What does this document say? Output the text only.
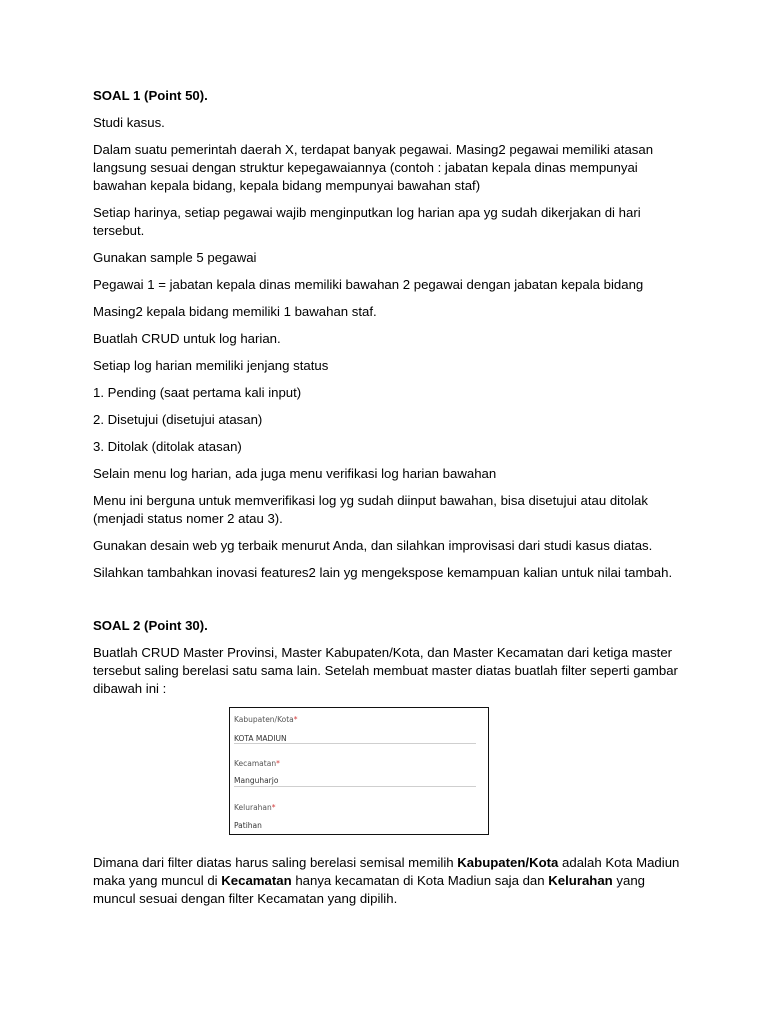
SOAL 1 (Point 50).

Studi kasus.

Dalam suatu pemerintah daerah X, terdapat banyak pegawai. Masing2 pegawai memiliki atasan langsung sesuai dengan struktur kepegawaiannya (contoh : jabatan kepala dinas mempunyai bawahan kepala bidang, kepala bidang mempunyai bawahan staf)

Setiap harinya, setiap pegawai wajib menginputkan log harian apa yg sudah dikerjakan di hari tersebut.

Gunakan sample 5 pegawai

Pegawai 1 = jabatan kepala dinas memiliki bawahan 2 pegawai dengan jabatan kepala bidang

Masing2 kepala bidang memiliki 1 bawahan staf.

Buatlah CRUD untuk log harian.

Setiap log harian memiliki jenjang status

1. Pending (saat pertama kali input)

2. Disetujui (disetujui atasan)

3. Ditolak (ditolak atasan)

Selain menu log harian, ada juga menu verifikasi log harian bawahan

Menu ini berguna untuk memverifikasi log yg sudah diinput bawahan, bisa disetujui atau ditolak (menjadi status nomer 2 atau 3).

Gunakan desain web yg terbaik menurut Anda, dan silahkan improvisasi dari studi kasus diatas.

Silahkan tambahkan inovasi features2 lain yg mengekspose kemampuan kalian untuk nilai tambah.

SOAL 2 (Point 30).

Buatlah CRUD Master Provinsi, Master Kabupaten/Kota, dan Master Kecamatan dari ketiga master tersebut saling berelasi satu sama lain. Setelah membuat master diatas buatlah filter seperti gambar dibawah ini :

Kabupaten/Kota*
KOTA MADIUN
Kecamatan*
Manguharjo
Kelurahan*
Patihan

Dimana dari filter diatas harus saling berelasi semisal memilih Kabupaten/Kota adalah Kota Madiun maka yang muncul di Kecamatan hanya kecamatan di Kota Madiun saja dan Kelurahan yang muncul sesuai dengan filter Kecamatan yang dipilih.
